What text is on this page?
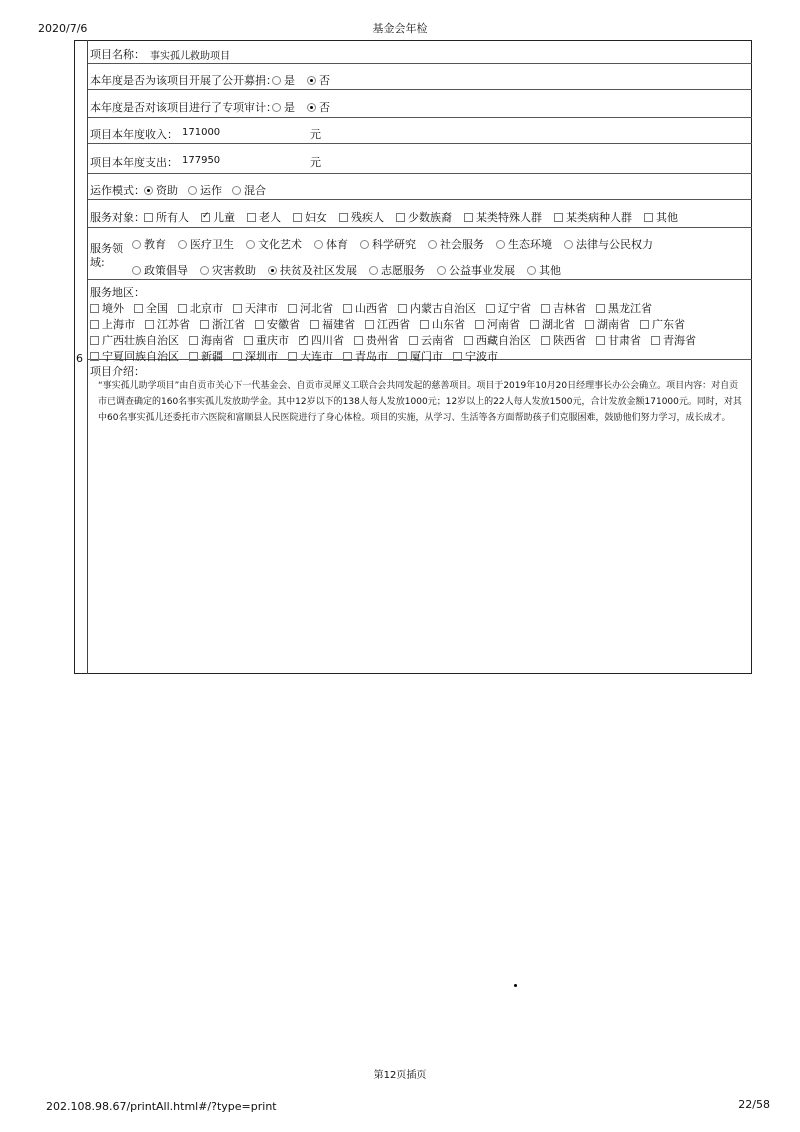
2020/7/6	基金会年检
6
项目名称： 事实孤儿救助项目
本年度是否为该项目开展了公开募捐： 是 否
本年度是否对该项目进行了专项审计： 是 否
项目本年度收入： 171000	元
项目本年度支出： 177950	元
运作模式：	资助 运作 混合
服务对象：	所有人 ✓ 儿童 老人 妇女 残疾人 少数族裔 某类特殊人群 某类病种人群 其他
服务领
域:
教育 医疗卫生 文化艺术 体育 科学研究 社会服务 生态环境 法律与公民权力
政策倡导 灾害救助 扶贫及社区发展 志愿服务 公益事业发展 其他
服务地区：
境外 全国 北京市 天津市 河北省 山西省 内蒙古自治区 辽宁省 吉林省 黑龙江省
上海市 江苏省 浙江省 安徽省 福建省 江西省 山东省 河南省 湖北省 湖南省 广东省
广西壮族自治区 海南省 重庆市 ✓ 四川省 贵州省 云南省 西藏自治区 陕西省 甘肃省 青海省
宁夏回族自治区 新疆 深圳市 大连市 青岛市 厦门市 宁波市
项目介绍：
“事实孤儿助学项目”由自贡市关心下一代基金会、自贡市灵犀义工联合会共同发起的慈善项目。项目于2019年10月20日经理事长办公会确立。项目内容：对自贡市已调查确定的160名事实孤儿发放助学金。其中12岁以下的138人每人发放1000元；12岁以上的22人每人发放1500元，合计发放金额171000元。同时，对其中60名事实孤儿还委托市六医院和富顺县人民医院进行了身心体检。项目的实施，从学习、生活等各方面帮助孩子们克服困难，鼓励他们努力学习，成长成才。
第12页插页
202.108.98.67/printAll.html#/?type=print	22/58
